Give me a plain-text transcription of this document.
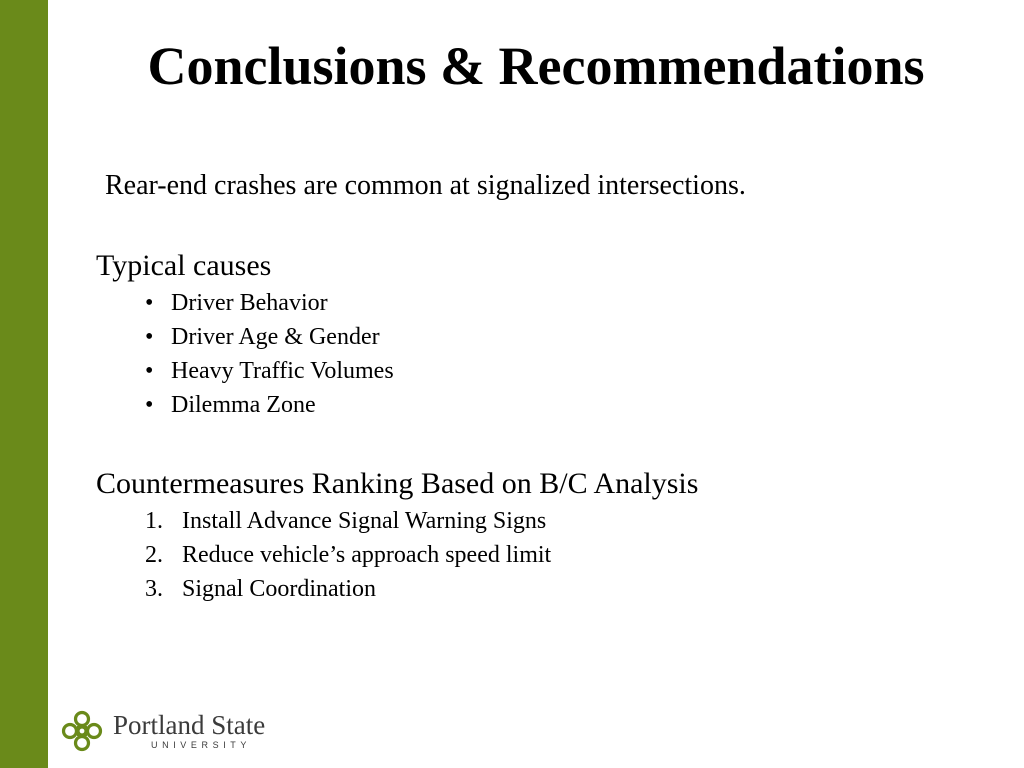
Conclusions & Recommendations
Rear-end crashes are common at signalized intersections.
Typical causes
• Driver Behavior
• Driver Age & Gender
• Heavy Traffic Volumes
• Dilemma Zone
Countermeasures Ranking Based on B/C Analysis
1. Install Advance Signal Warning Signs
2. Reduce vehicle’s approach speed limit
3. Signal Coordination
Portland State
UNIVERSITY
